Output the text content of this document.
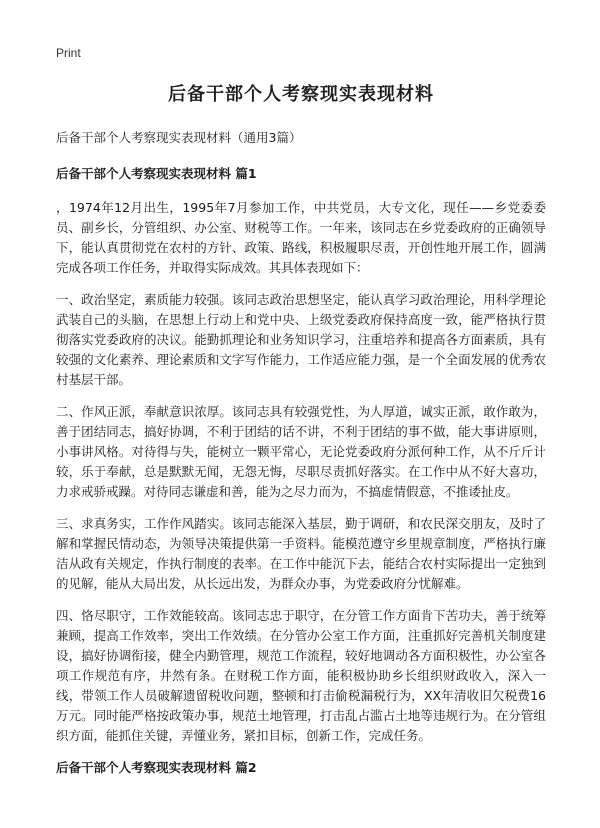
Print
后备干部个人考察现实表现材料
后备干部个人考察现实表现材料（通用3篇）
后备干部个人考察现实表现材料 篇1

，1974年12月出生，1995年7月参加工作，中共党员，大专文化，现任——乡党委委员、副乡长，分管组织、办公室、财税等工作。一年来，该同志在乡党委政府的正确领导下，能认真贯彻党在农村的方针、政策、路线，积极履职尽责，开创性地开展工作，圆满完成各项工作任务，并取得实际成效。其具体表现如下：

一、政治坚定，素质能力较强。该同志政治思想坚定，能认真学习政治理论，用科学理论武装自己的头脑，在思想上行动上和党中央、上级党委政府保持高度一致，能严格执行贯彻落实党委政府的决议。能勤抓理论和业务知识学习，注重培养和提高各方面素质，具有较强的文化素养、理论素质和文字写作能力，工作适应能力强，是一个全面发展的优秀农村基层干部。

二、作风正派，奉献意识浓厚。该同志具有较强党性，为人厚道，诚实正派，敢作敢为，善于团结同志，搞好协调，不利于团结的话不讲，不利于团结的事不做，能大事讲原则，小事讲风格。对待得与失，能树立一颗平常心，无论党委政府分派何种工作，从不斤斤计较，乐于奉献，总是默默无闻，无怨无悔，尽职尽责抓好落实。在工作中从不好大喜功，力求戒骄戒躁。对待同志谦虚和善，能为之尽力而为，不搞虚情假意，不推诿扯皮。

三、求真务实，工作作风踏实。该同志能深入基层，勤于调研，和农民深交朋友，及时了解和掌握民情动态，为领导决策提供第一手资料。能模范遵守乡里规章制度，严格执行廉洁从政有关规定，作执行制度的表率。在工作中能沉下去，能结合农村实际提出一定独到的见解，能从大局出发，从长远出发，为群众办事，为党委政府分忧解难。

四、恪尽职守，工作效能较高。该同志忠于职守，在分管工作方面肯下苦功夫，善于统筹兼顾，提高工作效率，突出工作效绩。在分管办公室工作方面，注重抓好完善机关制度建设，搞好协调衔接，健全内勤管理，规范工作流程，较好地调动各方面积极性，办公室各项工作规范有序，井然有条。在财税工作方面，能积极协助乡长组织财政收入，深入一线，带领工作人员破解遗留税收问题，整顿和打击偷税漏税行为，XX年清收旧欠税费16万元。同时能严格按政策办事，规范土地管理，打击乱占滥占土地等违规行为。在分管组织方面，能抓住关键，弄懂业务，紧扣目标，创新工作，完成任务。

后备干部个人考察现实表现材料 篇2
